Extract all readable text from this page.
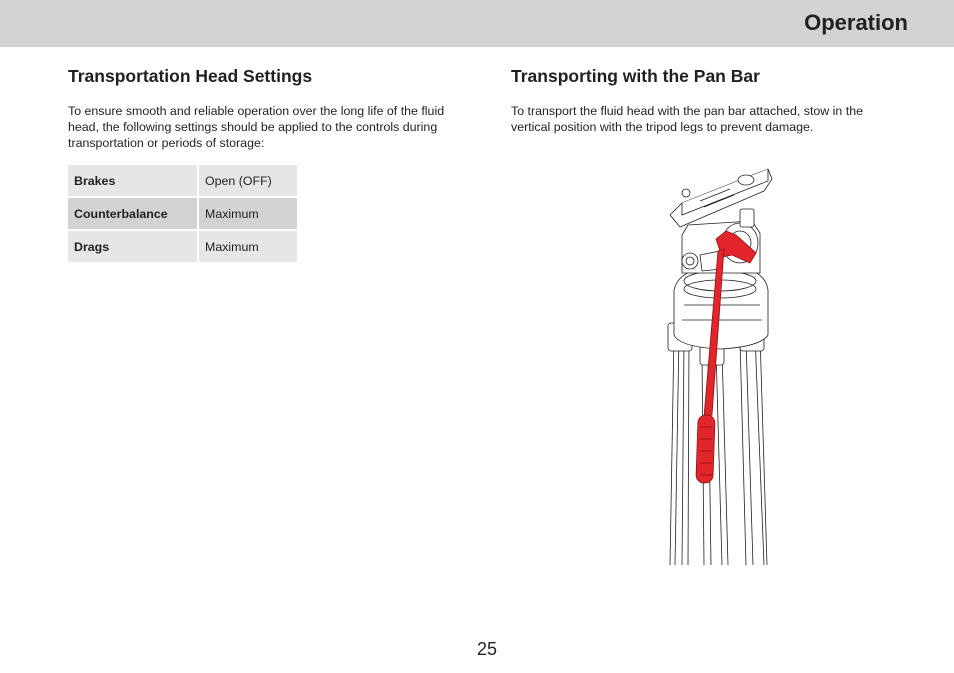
Operation
Transportation Head Settings

To ensure smooth and reliable operation over the long life of the fluid head, the following settings should be applied to the controls during transportation or periods of storage:

Brakes	Open (OFF)
Counterbalance	Maximum
Drags	Maximum
Transporting with the Pan Bar

To transport the fluid head with the pan bar attached, stow in the vertical position with the tripod legs to prevent damage.

25
